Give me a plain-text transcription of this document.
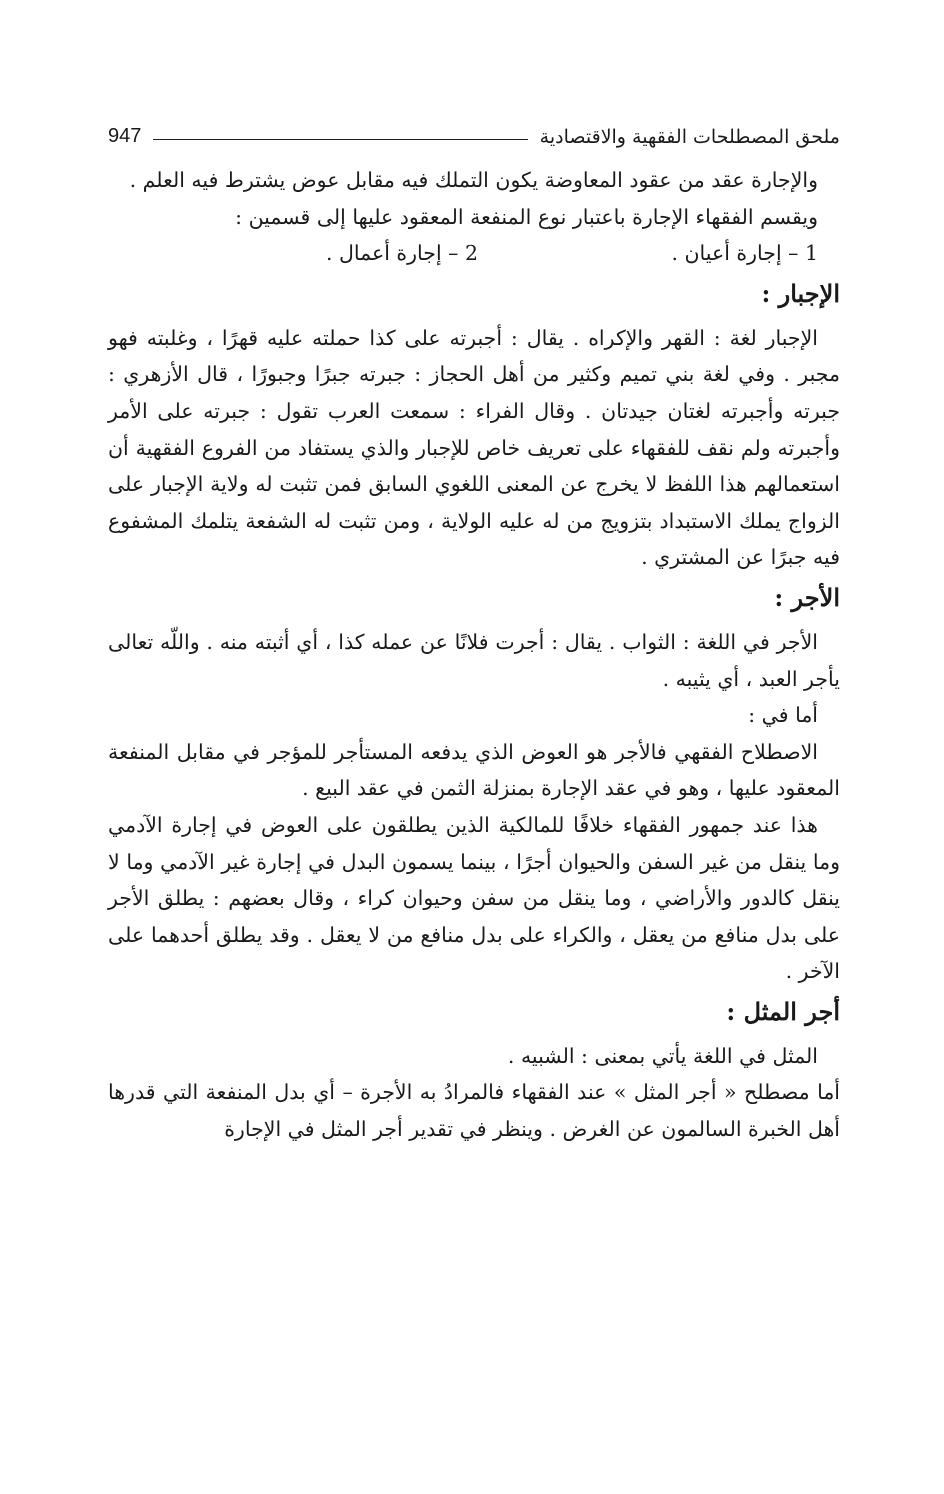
ملحق المصطلحات الفقهية والاقتصادية
947

والإجارة عقد من عقود المعاوضة يكون التملك فيه مقابل عوض يشترط فيه العلم .

ويقسم الفقهاء الإجارة باعتبار نوع المنفعة المعقود عليها إلى قسمين :

1 – إجارة أعيان .
2 – إجارة أعمال .
الإجبار :

الإجبار لغة : القهر والإكراه . يقال : أجبرته على كذا حملته عليه قهرًا ، وغلبته فهو مجبر . وفي لغة بني تميم وكثير من أهل الحجاز : جبرته جبرًا وجبورًا ، قال الأزهري : جبرته وأجبرته لغتان جيدتان . وقال الفراء : سمعت العرب تقول : جبرته على الأمر وأجبرته ولم نقف للفقهاء على تعريف خاص للإجبار والذي يستفاد من الفروع الفقهية أن استعمالهم هذا اللفظ لا يخرج عن المعنى اللغوي السابق فمن تثبت له ولاية الإجبار على الزواج يملك الاستبداد بتزويج من له عليه الولاية ، ومن تثبت له الشفعة يتلمك المشفوع فيه جبرًا عن المشتري .

الأجر :

الأجر في اللغة : الثواب . يقال : أجرت فلانًا عن عمله كذا ، أي أثبته منه . واللّه تعالى يأجر العبد ، أي يثيبه .

أما في :

الاصطلاح الفقهي فالأجر هو العوض الذي يدفعه المستأجر للمؤجر في مقابل المنفعة المعقود عليها ، وهو في عقد الإجارة بمنزلة الثمن في عقد البيع .

هذا عند جمهور الفقهاء خلافًا للمالكية الذين يطلقون على العوض في إجارة الآدمي وما ينقل من غير السفن والحيوان أجرًا ، بينما يسمون البدل في إجارة غير الآدمي وما لا ينقل كالدور والأراضي ، وما ينقل من سفن وحيوان كراء ، وقال بعضهم : يطلق الأجر على بدل منافع من يعقل ، والكراء على بدل منافع من لا يعقل . وقد يطلق أحدهما على الآخر .

أجر المثل :

المثل في اللغة يأتي بمعنى : الشبيه .

أما مصطلح « أجر المثل » عند الفقهاء فالمرادُ به الأجرة – أي بدل المنفعة التي قدرها أهل الخبرة السالمون عن الغرض . وينظر في تقدير أجر المثل في الإجارة
